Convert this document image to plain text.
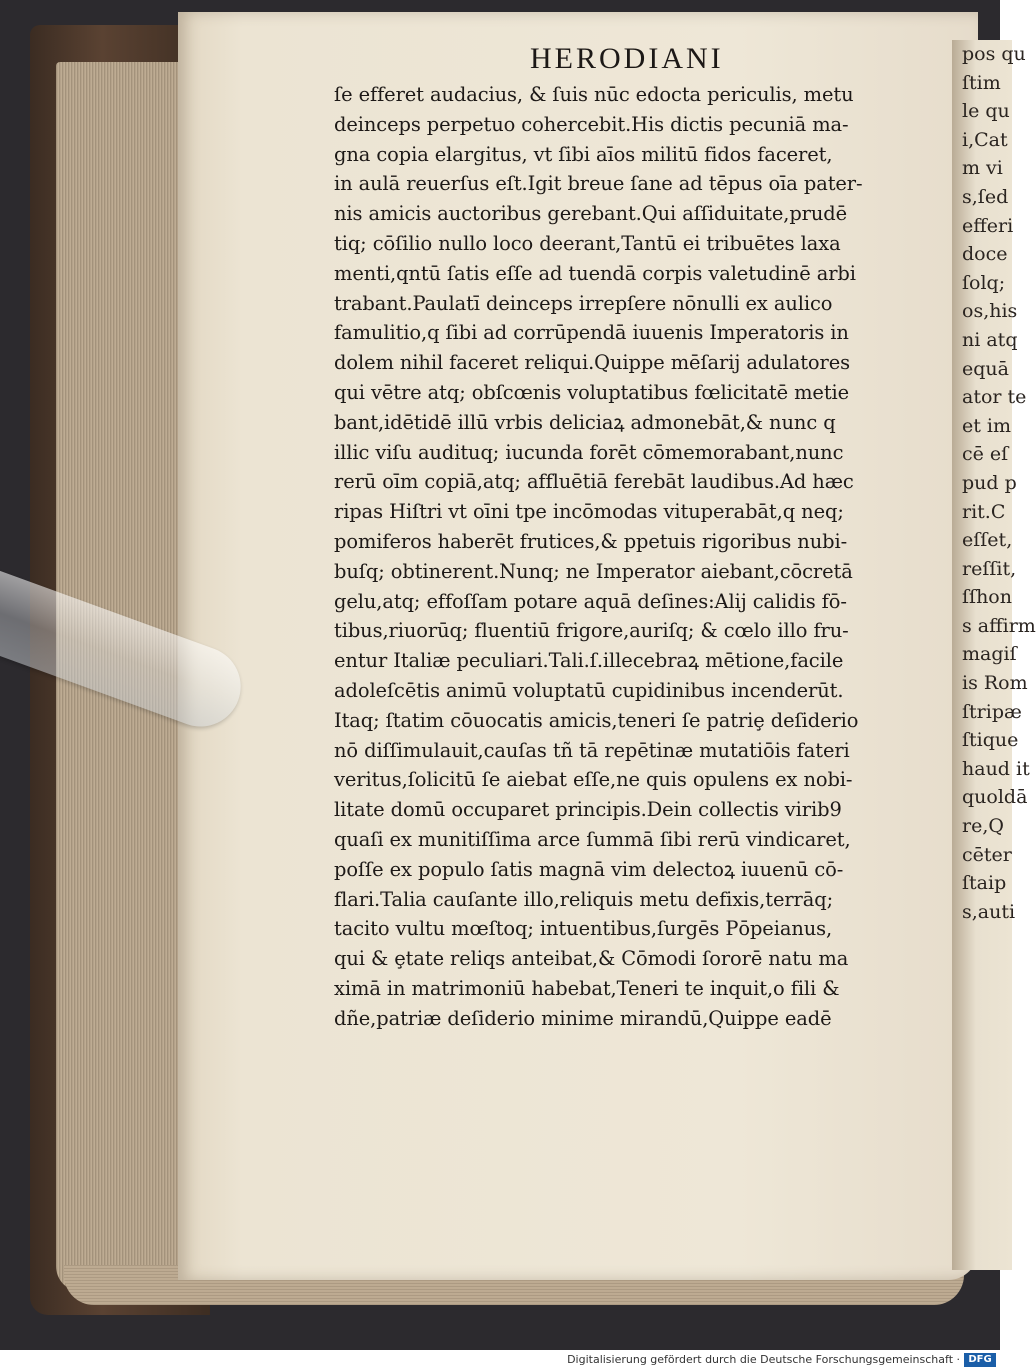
pos qu
ſtim
le qu
i,Cat
m vi
s,ſed
efferi
doce
ſolq;
os,his
ni atq
equā
ator te
et im
cē eſ
pud p
rit.C
eſſet,
reſſit,
ſſhon
s affirm
magiſ
is Rom
ſtripæ
ſtique
haud it
quoldā
re,Q
cēter
ſtaip
s,auti
HERODIANI
ſe efferet audacius, & ſuis nūc edocta periculis, metu
deinceps perpetuo cohercebit.His dictis pecuniā ma-
gna copia elargitus, vt ſibi aīos militū fidos faceret,
in aulā reuerſus eſt.Igit breue ſane ad tēpus oīa pater-
nis amicis auctoribus gerebant.Qui aſſiduitate,prudē
tiq; cōſilio nullo loco deerant,Tantū ei tribuētes laxa
menti,qntū ſatis eſſe ad tuendā corpis valetudinē arbi
trabant.Paulatī deinceps irrepſere nōnulli ex aulico
famulitio,q ſibi ad corrūpendā iuuenis Imperatoris in
dolem nihil faceret reliqui.Quippe mēſarij adulatores
qui vētre atq; obſcœnis voluptatibus fœlicitatē metie
bant,idētidē illū vrbis deliciaꝝ admonebāt,& nunc q
illic viſu audituq; iucunda forēt cōmemorabant,nunc
rerū oīm copiā,atq; affluētiā ferebāt laudibus.Ad hæc
ripas Hiſtri vt oīni tpe incōmodas vituperabāt,q neq;
pomiferos haberēt frutices,& ppetuis rigoribus nubi-
buſq; obtinerent.Nunq; ne Imperator aiebant,cōcretā
gelu,atq; effoſſam potare aquā deſines:Alij calidis fō-
tibus,riuorūq; fluentiū frigore,auriſq; & cœlo illo fru-
entur Italiæ peculiari.Tali.ſ.illecebraꝝ mētione,facile
adoleſcētis animū voluptatū cupidinibus incenderūt.
Itaq; ſtatim cōuocatis amicis,teneri ſe patriȩ deſiderio
nō diſſimulauit,cauſas tñ tā repētinæ mutatiōis fateri
veritus,ſolicitū ſe aiebat eſſe,ne quis opulens ex nobi-
litate domū occuparet principis.Dein collectis virib9
quaſi ex munitiſſima arce ſummā ſibi rerū vindicaret,
poſſe ex populo ſatis magnā vim delectoꝝ iuuenū cō-
flari.Talia cauſante illo,reliquis metu defixis,terrāq;
tacito vultu mœſtoq; intuentibus,ſurgēs Pōpeianus,
qui & ȩtate reliqs anteibat,& Cōmodi ſororē natu ma
ximā in matrimoniū habebat,Teneri te inquit,o fili &
dñe,patriæ deſiderio minime mirandū,Quippe eadē
Digitalisierung gefördert durch die Deutsche Forschungsgemeinschaft · DFG
